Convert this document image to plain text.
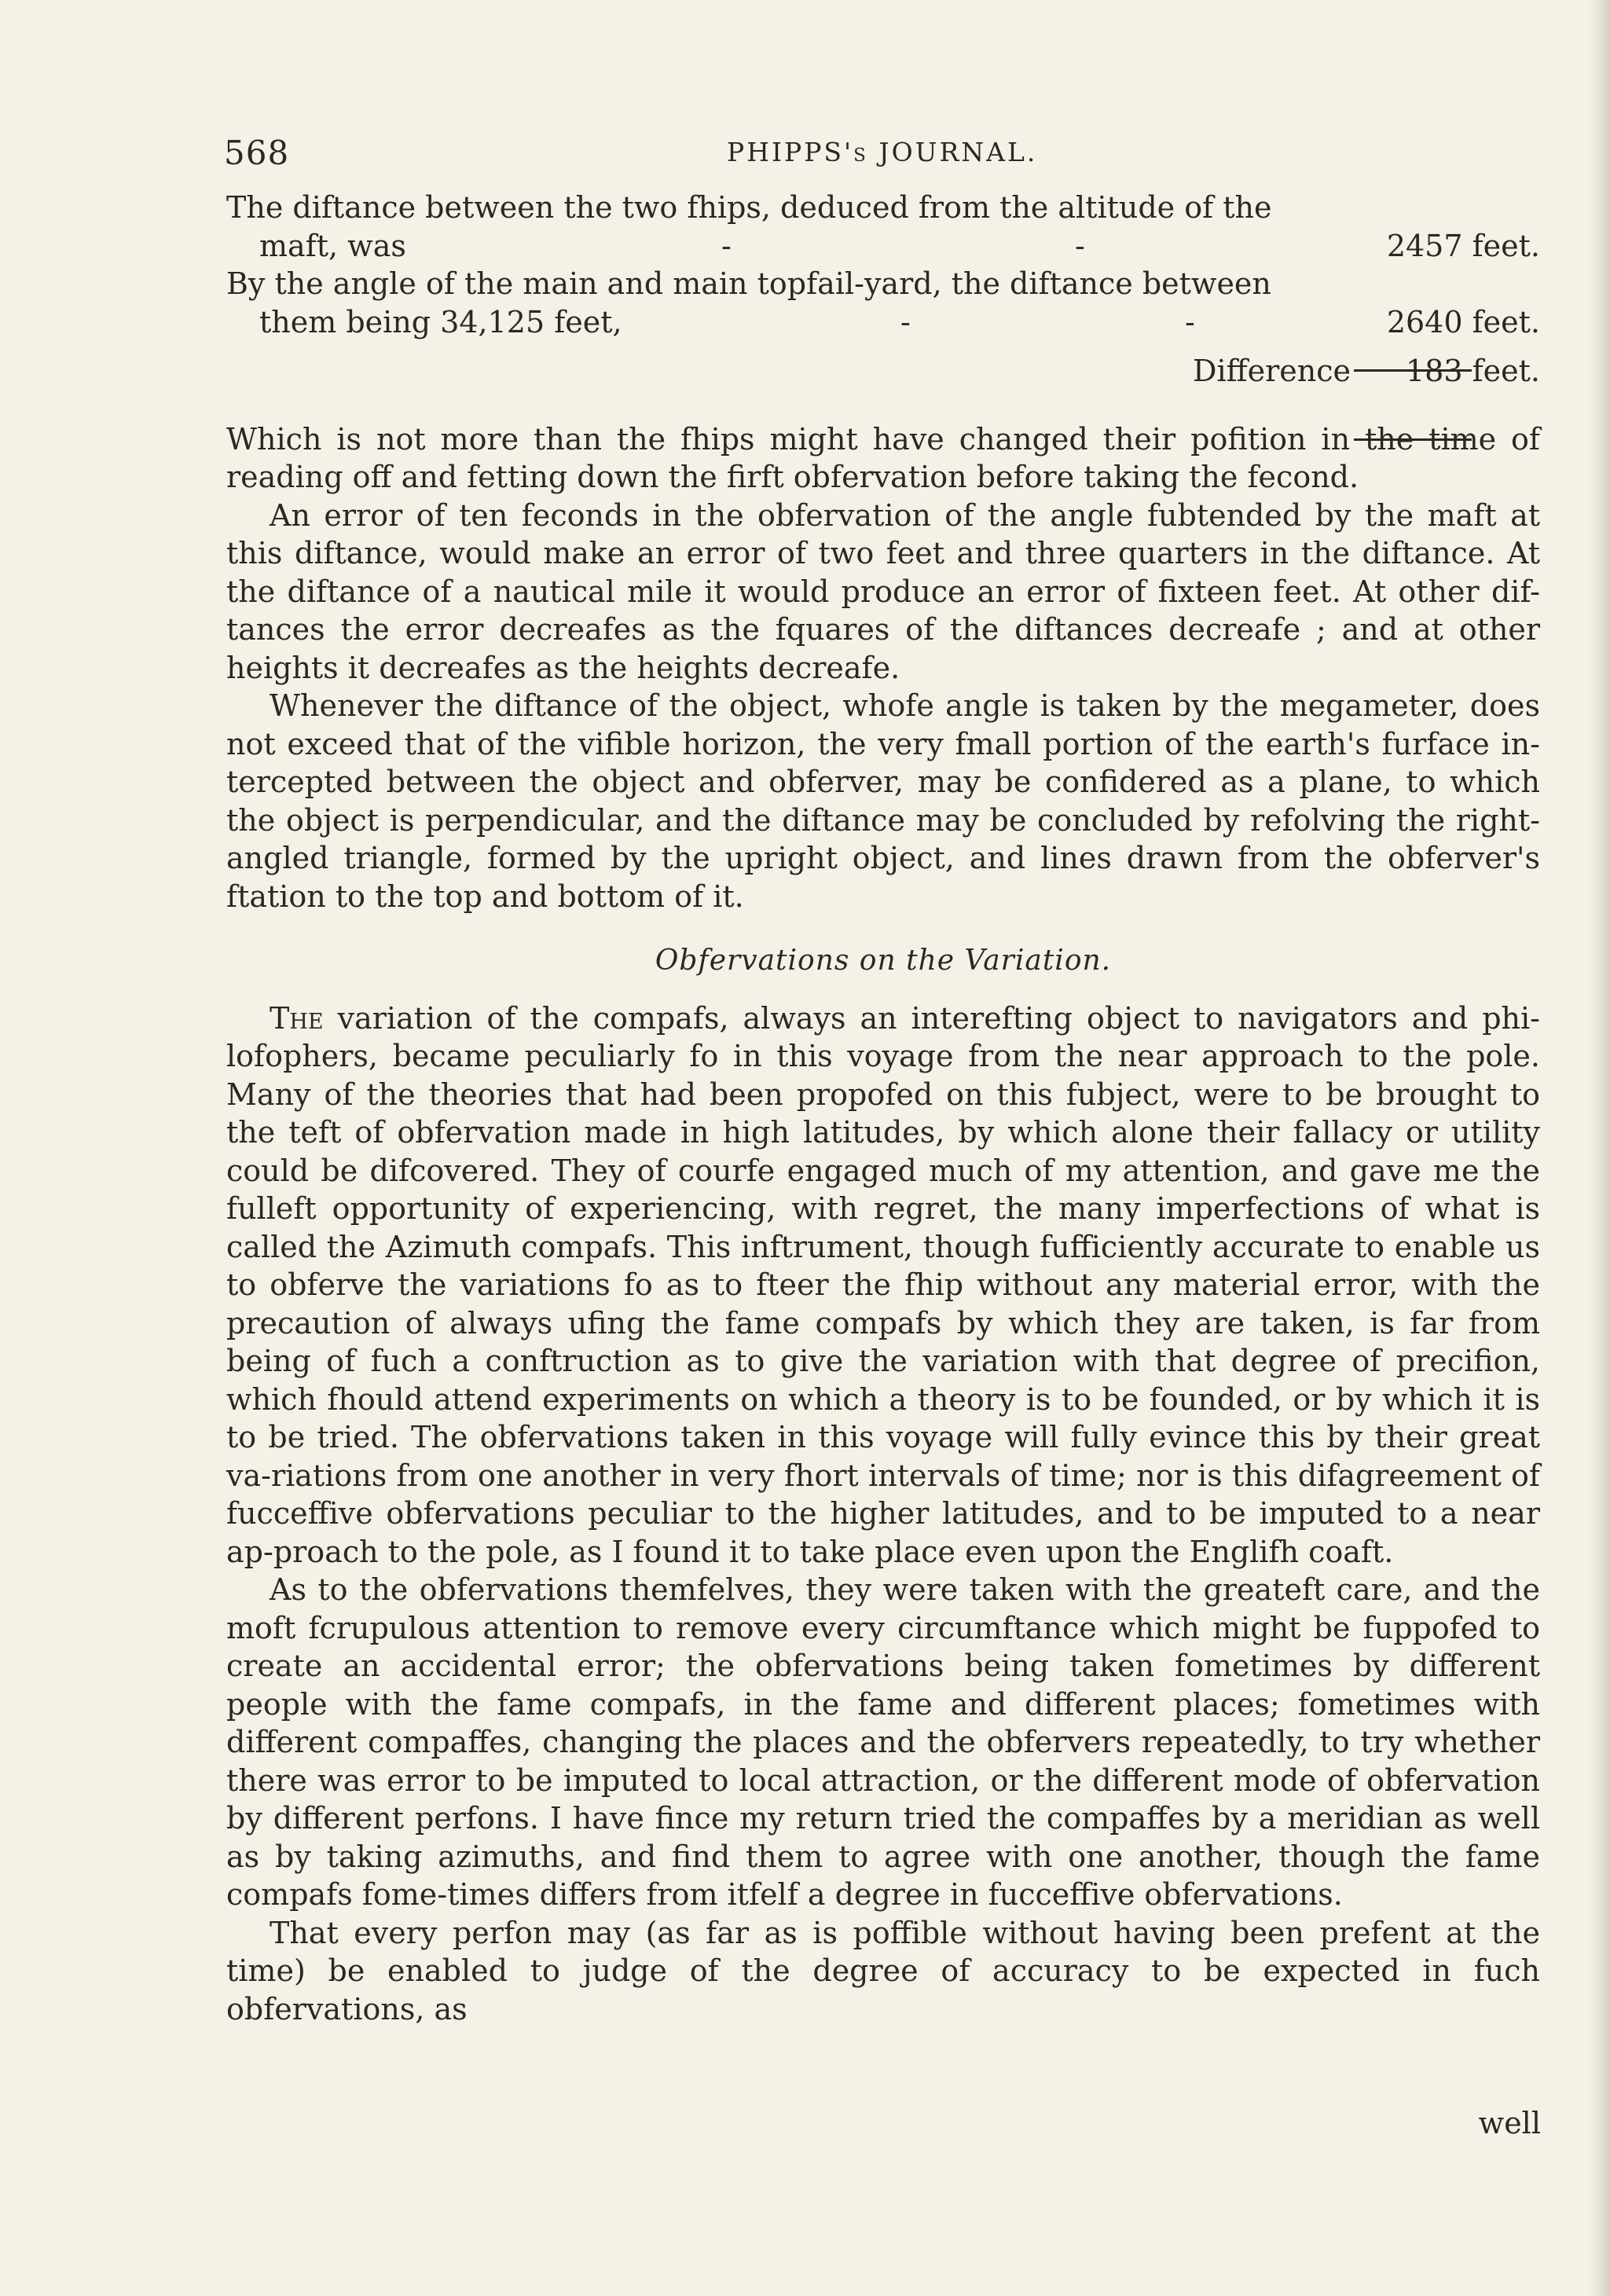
568	PHIPPS's JOURNAL.
The diftance between the two fhips, deduced from the altitude of the
maft, was	-	-	2457 feet.
By the angle of the main and main topfail-yard, the diftance between
them being 34,125 feet,	-	-	2640 feet.
Difference 183 feet.

Which is not more than the fhips might have changed their pofition in the time of reading off and fetting down the firft obfervation before taking the fecond.

An error of ten feconds in the obfervation of the angle fubtended by the maft at this diftance, would make an error of two feet and three quarters in the diftance. At the diftance of a nautical mile it would produce an error of fixteen feet. At other dif-tances the error decreafes as the fquares of the diftances decreafe ; and at other heights it decreafes as the heights decreafe.

Whenever the diftance of the object, whofe angle is taken by the megameter, does not exceed that of the vifible horizon, the very fmall portion of the earth's furface in-tercepted between the object and obferver, may be confidered as a plane, to which the object is perpendicular, and the diftance may be concluded by refolving the right-angled triangle, formed by the upright object, and lines drawn from the obferver's ftation to the top and bottom of it.

Obfervations on the Variation.

The variation of the compafs, always an interefting object to navigators and phi-lofophers, became peculiarly fo in this voyage from the near approach to the pole. Many of the theories that had been propofed on this fubject, were to be brought to the teft of obfervation made in high latitudes, by which alone their fallacy or utility could be difcovered. They of courfe engaged much of my attention, and gave me the fulleft opportunity of experiencing, with regret, the many imperfections of what is called the Azimuth compafs. This inftrument, though fufficiently accurate to enable us to obferve the variations fo as to fteer the fhip without any material error, with the precaution of always ufing the fame compafs by which they are taken, is far from being of fuch a conftruction as to give the variation with that degree of precifion, which fhould attend experiments on which a theory is to be founded, or by which it is to be tried. The obfervations taken in this voyage will fully evince this by their great va-riations from one another in very fhort intervals of time; nor is this difagreement of fucceffive obfervations peculiar to the higher latitudes, and to be imputed to a near ap-proach to the pole, as I found it to take place even upon the Englifh coaft.

As to the obfervations themfelves, they were taken with the greateft care, and the moft fcrupulous attention to remove every circumftance which might be fuppofed to create an accidental error; the obfervations being taken fometimes by different people with the fame compafs, in the fame and different places; fometimes with different compaffes, changing the places and the obfervers repeatedly, to try whether there was error to be imputed to local attraction, or the different mode of obfervation by different perfons. I have fince my return tried the compaffes by a meridian as well as by taking azimuths, and find them to agree with one another, though the fame compafs fome-times differs from itfelf a degree in fucceffive obfervations.

That every perfon may (as far as is poffible without having been prefent at the time) be enabled to judge of the degree of accuracy to be expected in fuch obfervations, as

well
